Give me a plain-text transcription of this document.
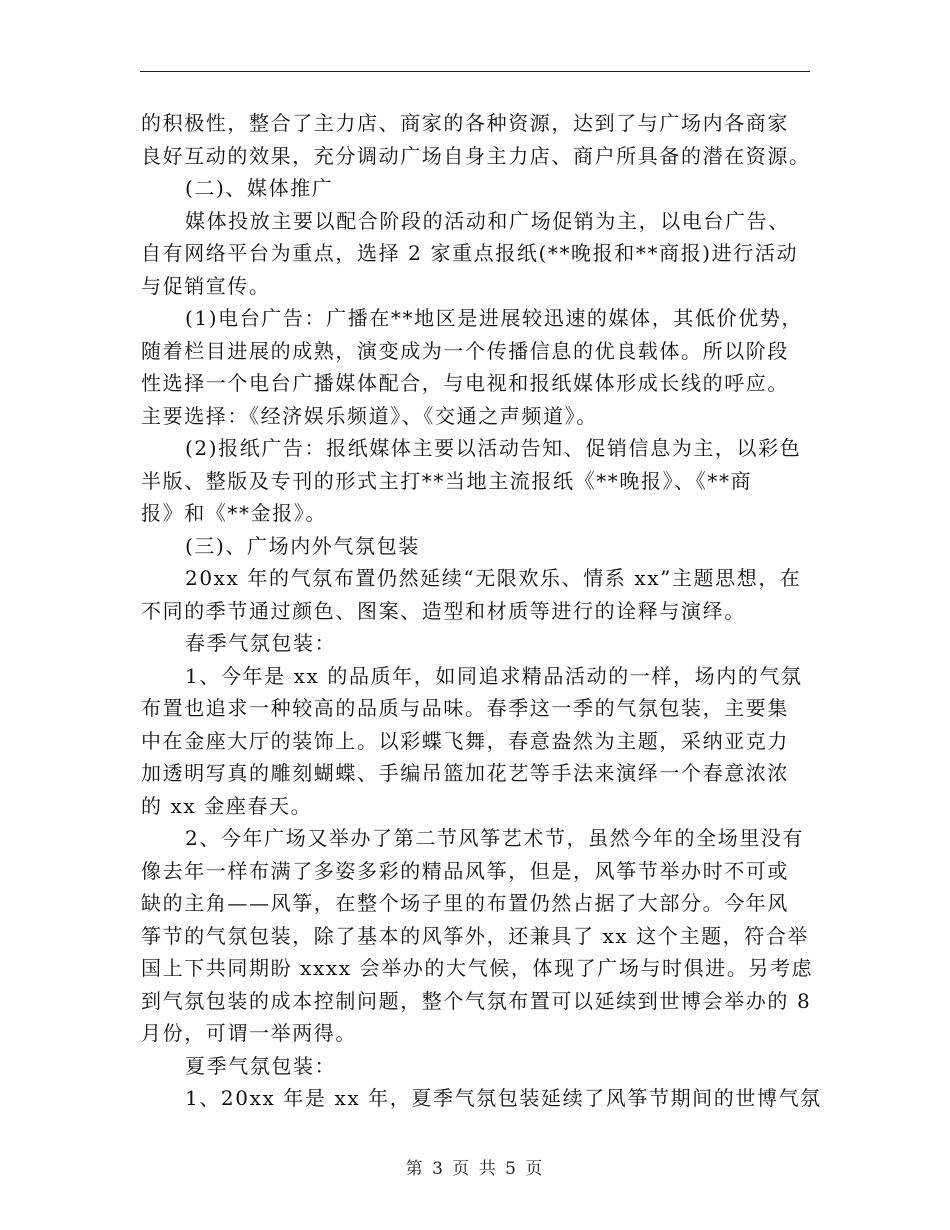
的积极性，整合了主力店、商家的各种资源，达到了与广场内各商家
良好互动的效果，充分调动广场自身主力店、商户所具备的潜在资源。

(二)、媒体推广

媒体投放主要以配合阶段的活动和广场促销为主，以电台广告、
自有网络平台为重点，选择 2 家重点报纸(**晚报和**商报)进行活动
与促销宣传。

(1)电台广告：广播在**地区是进展较迅速的媒体，其低价优势，
随着栏目进展的成熟，演变成为一个传播信息的优良载体。所以阶段
性选择一个电台广播媒体配合，与电视和报纸媒体形成长线的呼应。
主要选择：《经济娱乐频道》、《交通之声频道》。

(2)报纸广告：报纸媒体主要以活动告知、促销信息为主，以彩色
半版、整版及专刊的形式主打**当地主流报纸《**晚报》、《**商
报》和《**金报》。

(三)、广场内外气氛包装

20xx 年的气氛布置仍然延续“无限欢乐、情系 xx”主题思想，在
不同的季节通过颜色、图案、造型和材质等进行的诠释与演绎。

春季气氛包装：

1、今年是 xx 的品质年，如同追求精品活动的一样，场内的气氛
布置也追求一种较高的品质与品味。春季这一季的气氛包装，主要集
中在金座大厅的装饰上。以彩蝶飞舞，春意盎然为主题，采纳亚克力
加透明写真的雕刻蝴蝶、手编吊篮加花艺等手法来演绎一个春意浓浓
的 xx 金座春天。

2、今年广场又举办了第二节风筝艺术节，虽然今年的全场里没有
像去年一样布满了多姿多彩的精品风筝，但是，风筝节举办时不可或
缺的主角——风筝，在整个场子里的布置仍然占据了大部分。今年风
筝节的气氛包装，除了基本的风筝外，还兼具了 xx 这个主题，符合举
国上下共同期盼 xxxx 会举办的大气候，体现了广场与时俱进。另考虑
到气氛包装的成本控制问题，整个气氛布置可以延续到世博会举办的 8
月份，可谓一举两得。

夏季气氛包装：

1、20xx 年是 xx 年，夏季气氛包装延续了风筝节期间的世博气氛

第 3 页 共 5 页
